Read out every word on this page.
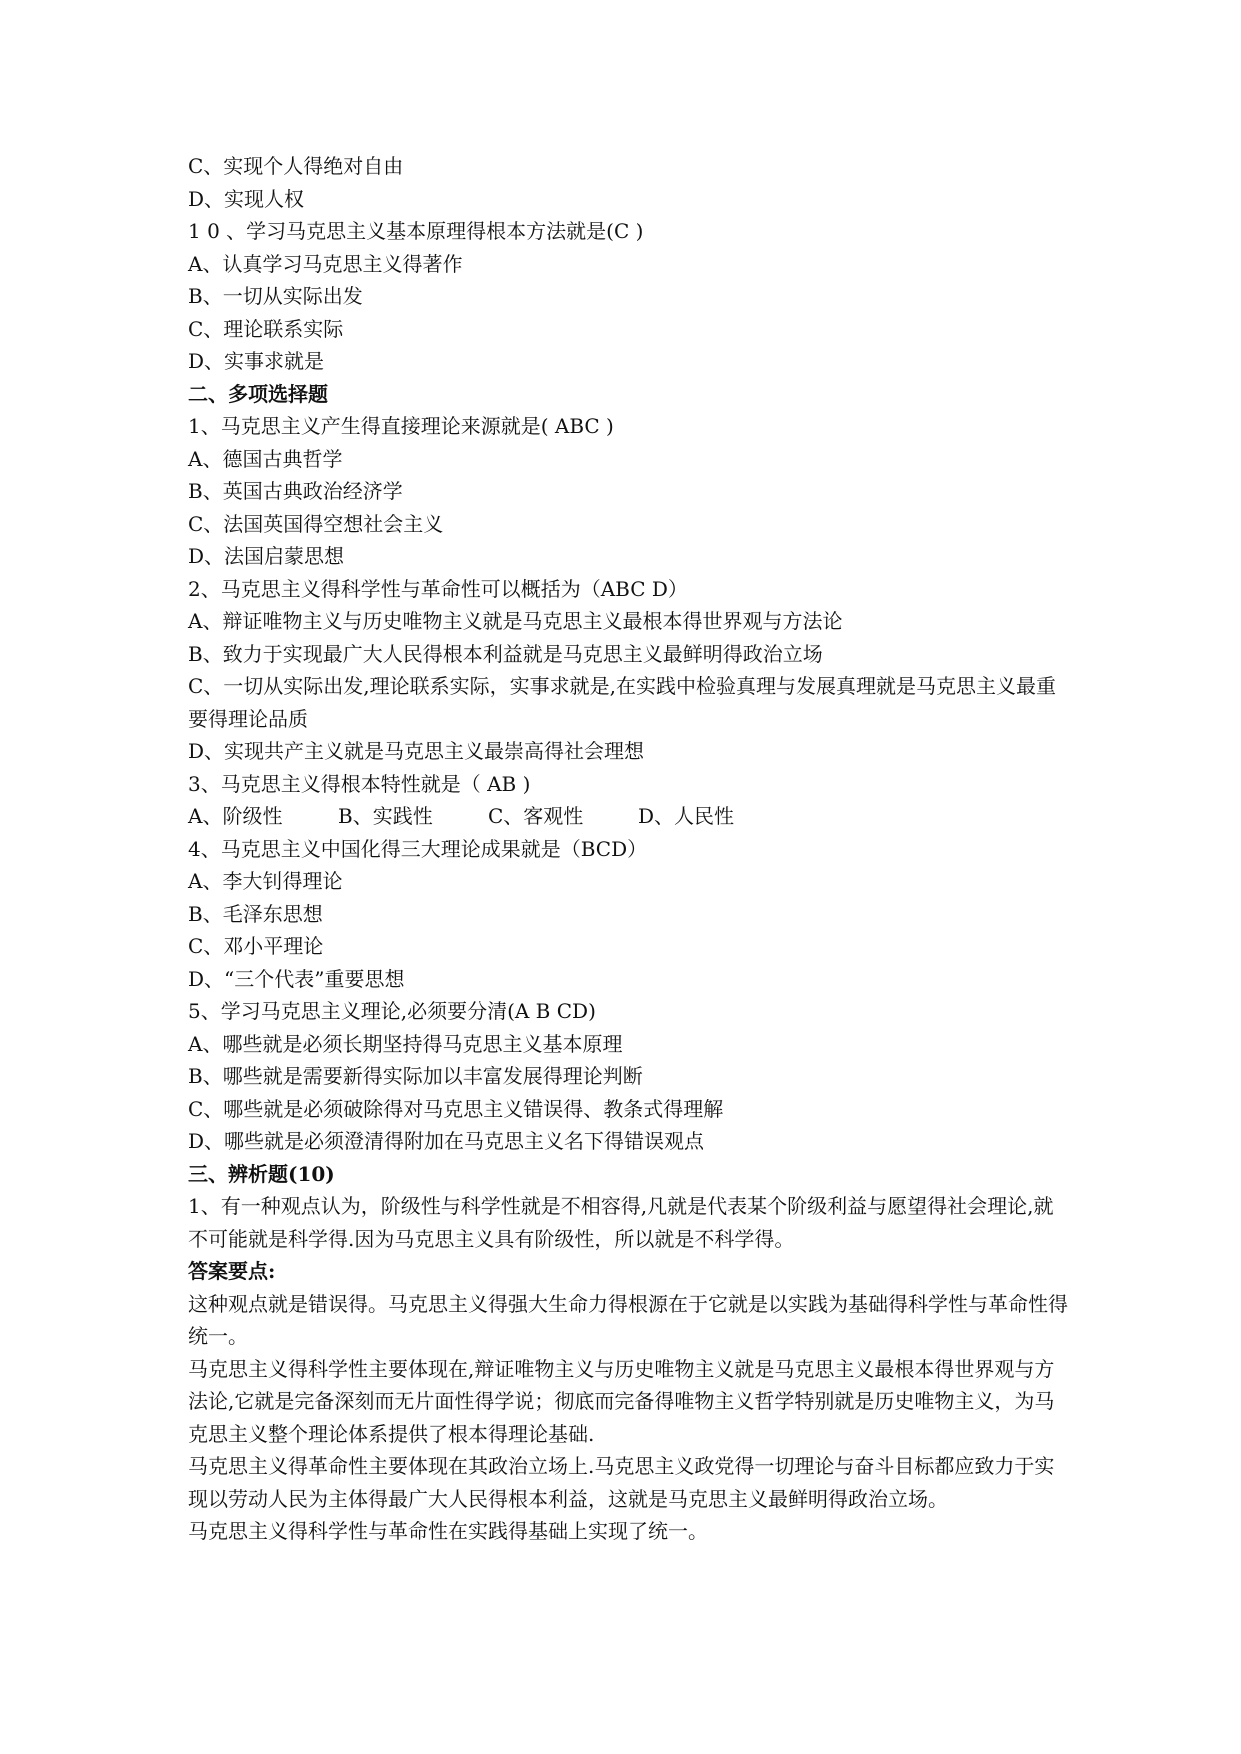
C、实现个人得绝对自由
D、实现人权
1 0 、学习马克思主义基本原理得根本方法就是(C )
A、认真学习马克思主义得著作
B、一切从实际出发
C、理论联系实际
D、实事求就是
二、多项选择题
1、马克思主义产生得直接理论来源就是( ABC )
A、德国古典哲学
B、英国古典政治经济学
C、法国英国得空想社会主义
D、法国启蒙思想
2、马克思主义得科学性与革命性可以概括为（ABC D）
A、辩证唯物主义与历史唯物主义就是马克思主义最根本得世界观与方法论
B、致力于实现最广大人民得根本利益就是马克思主义最鲜明得政治立场
C、一切从实际出发,理论联系实际，实事求就是,在实践中检验真理与发展真理就是马克思主义最重要得理论品质
D、实现共产主义就是马克思主义最崇高得社会理想
3、马克思主义得根本特性就是（ AB )
A、阶级性	B、实践性	C、客观性	D、人民性
4、马克思主义中国化得三大理论成果就是（BCD）
A、李大钊得理论
B、毛泽东思想
C、邓小平理论
D、“三个代表”重要思想
5、学习马克思主义理论,必须要分清(A B CD)
A、哪些就是必须长期坚持得马克思主义基本原理
B、哪些就是需要新得实际加以丰富发展得理论判断
C、哪些就是必须破除得对马克思主义错误得、教条式得理解
D、哪些就是必须澄清得附加在马克思主义名下得错误观点
三、辨析题(10)
1、有一种观点认为，阶级性与科学性就是不相容得,凡就是代表某个阶级利益与愿望得社会理论,就不可能就是科学得.因为马克思主义具有阶级性，所以就是不科学得。
答案要点:
这种观点就是错误得。马克思主义得强大生命力得根源在于它就是以实践为基础得科学性与革命性得统一。
马克思主义得科学性主要体现在,辩证唯物主义与历史唯物主义就是马克思主义最根本得世界观与方法论,它就是完备深刻而无片面性得学说；彻底而完备得唯物主义哲学特别就是历史唯物主义，为马克思主义整个理论体系提供了根本得理论基础.
马克思主义得革命性主要体现在其政治立场上.马克思主义政党得一切理论与奋斗目标都应致力于实现以劳动人民为主体得最广大人民得根本利益，这就是马克思主义最鲜明得政治立场。
马克思主义得科学性与革命性在实践得基础上实现了统一。
